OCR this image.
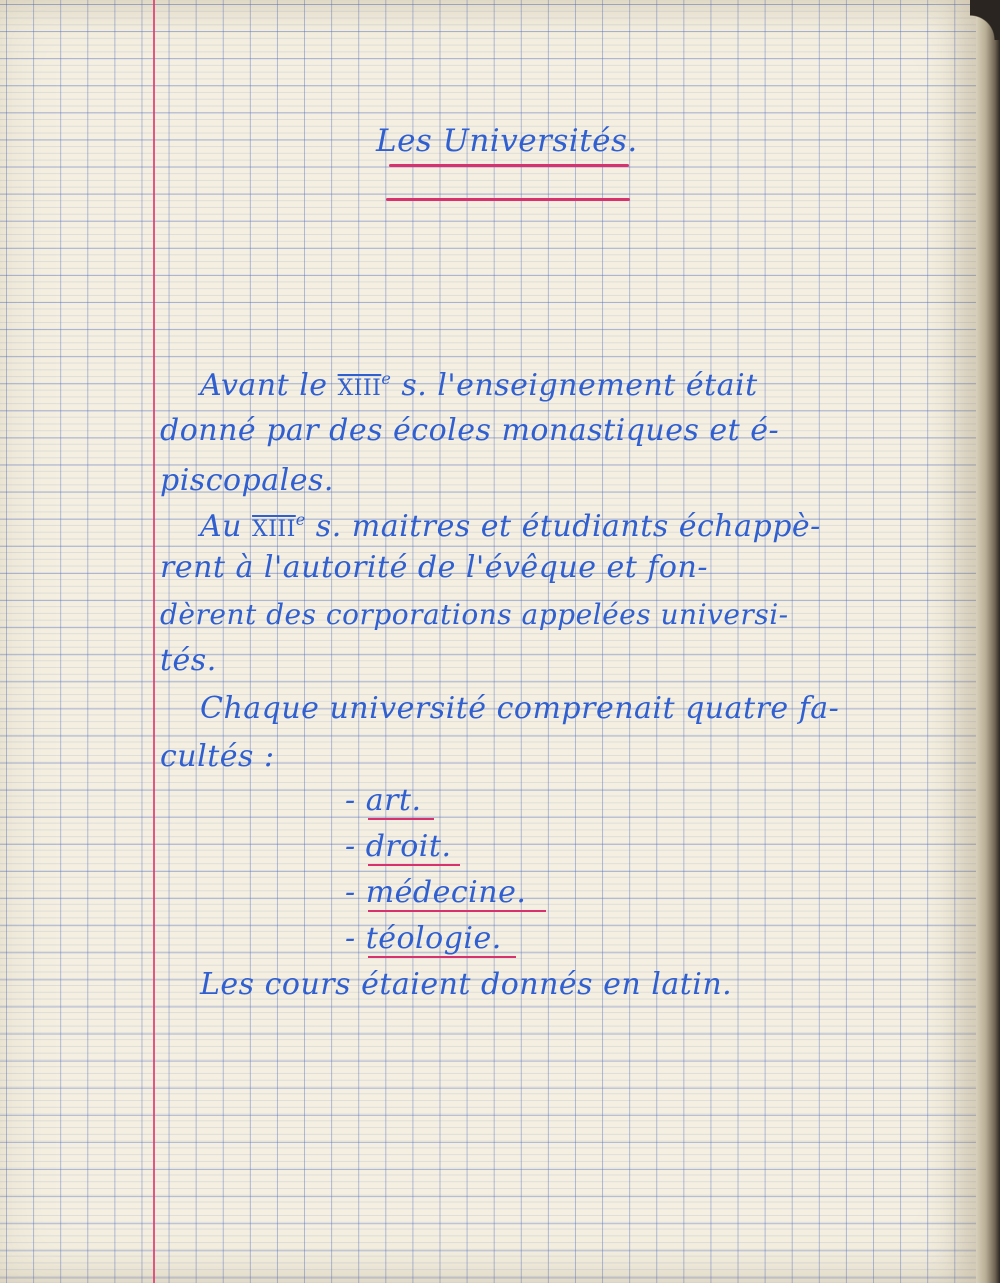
Les Universités.
Avant le XIIIe s. l'enseignement était
donné par des écoles monastiques et é-
piscopales.
Au XIIIe s. maitres et étudiants échappè-
rent à l'autorité de l'évêque et fon-
dèrent des corporations appelées universi-
tés.
Chaque université comprenait quatre fa-
cultés :
- art.
- droit.
- médecine.
- téologie.
Les cours étaient donnés en latin.
